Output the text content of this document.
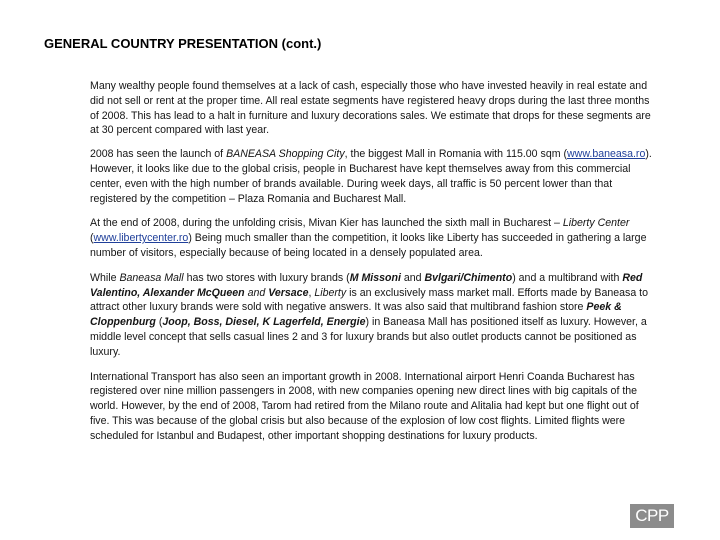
GENERAL COUNTRY PRESENTATION (cont.)

Many wealthy people found themselves at a lack of cash, especially those who have invested heavily in real estate and did not sell or rent at the proper time. All real estate segments have registered heavy drops during the last three months of 2008. This has lead to a halt in furniture and luxury decorations sales. We estimate that drops for these segments are at 30 percent compared with last year.

2008 has seen the launch of BANEASA Shopping City, the biggest Mall in Romania with 115.00 sqm (www.baneasa.ro). However, it looks like due to the global crisis, people in Bucharest have kept themselves away from this commercial center, even with the high number of brands available. During week days, all traffic is 50 percent lower than that registered by the competition – Plaza Romania and Bucharest Mall.

At the end of 2008, during the unfolding crisis, Mivan Kier has launched the sixth mall in Bucharest – Liberty Center (www.libertycenter.ro) Being much smaller than the competition, it looks like Liberty has succeeded in gathering a large number of visitors, especially because of being located in a densely populated area.

While Baneasa Mall has two stores with luxury brands (M Missoni and Bvlgari/Chimento) and a multibrand with Red Valentino, Alexander McQueen and Versace, Liberty is an exclusively mass market mall. Efforts made by Baneasa to attract other luxury brands were sold with negative answers. It was also said that multibrand fashion store Peek & Cloppenburg (Joop, Boss, Diesel, K Lagerfeld, Energie) in Baneasa Mall has positioned itself as luxury. However, a middle level concept that sells casual lines 2 and 3 for luxury brands but also outlet products cannot be positioned as luxury.

International Transport has also seen an important growth in 2008. International airport Henri Coanda Bucharest has registered over nine million passengers in 2008, with new companies opening new direct lines with big capitals of the world. However, by the end of 2008, Tarom had retired from the Milano route and Alitalia had kept but one flight out of five. This was because of the global crisis but also because of the explosion of low cost flights. Limited flights were scheduled for Istanbul and Budapest, other important shopping destinations for luxury products.

CPP
